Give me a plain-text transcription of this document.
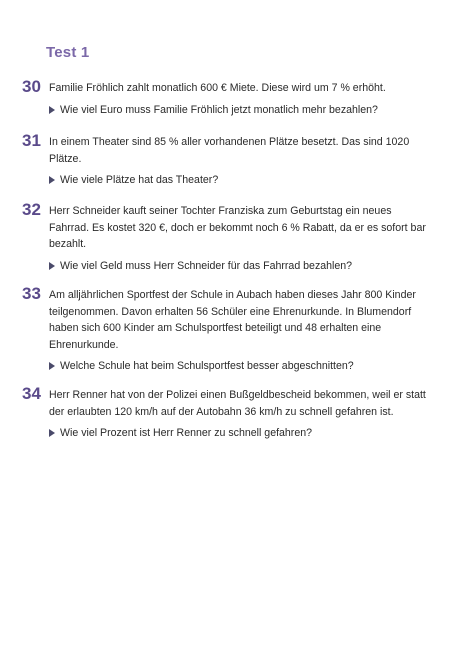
Test 1
30 Familie Fröhlich zahlt monatlich 600 € Miete. Diese wird um 7 % erhöht.
Wie viel Euro muss Familie Fröhlich jetzt monatlich mehr bezahlen?
31 In einem Theater sind 85 % aller vorhandenen Plätze besetzt. Das sind 1020 Plätze.
Wie viele Plätze hat das Theater?
32 Herr Schneider kauft seiner Tochter Franziska zum Geburtstag ein neues Fahrrad. Es kostet 320 €, doch er bekommt noch 6 % Rabatt, da er es sofort bar bezahlt.
Wie viel Geld muss Herr Schneider für das Fahrrad bezahlen?
33 Am alljährlichen Sportfest der Schule in Aubach haben dieses Jahr 800 Kinder teilgenommen. Davon erhalten 56 Schüler eine Ehrenurkunde. In Blumendorf haben sich 600 Kinder am Schulsportfest beteiligt und 48 erhalten eine Ehrenurkunde.
Welche Schule hat beim Schulsportfest besser abgeschnitten?
34 Herr Renner hat von der Polizei einen Bußgeldbescheid bekommen, weil er statt der erlaubten 120 km/h auf der Autobahn 36 km/h zu schnell gefahren ist.
Wie viel Prozent ist Herr Renner zu schnell gefahren?
